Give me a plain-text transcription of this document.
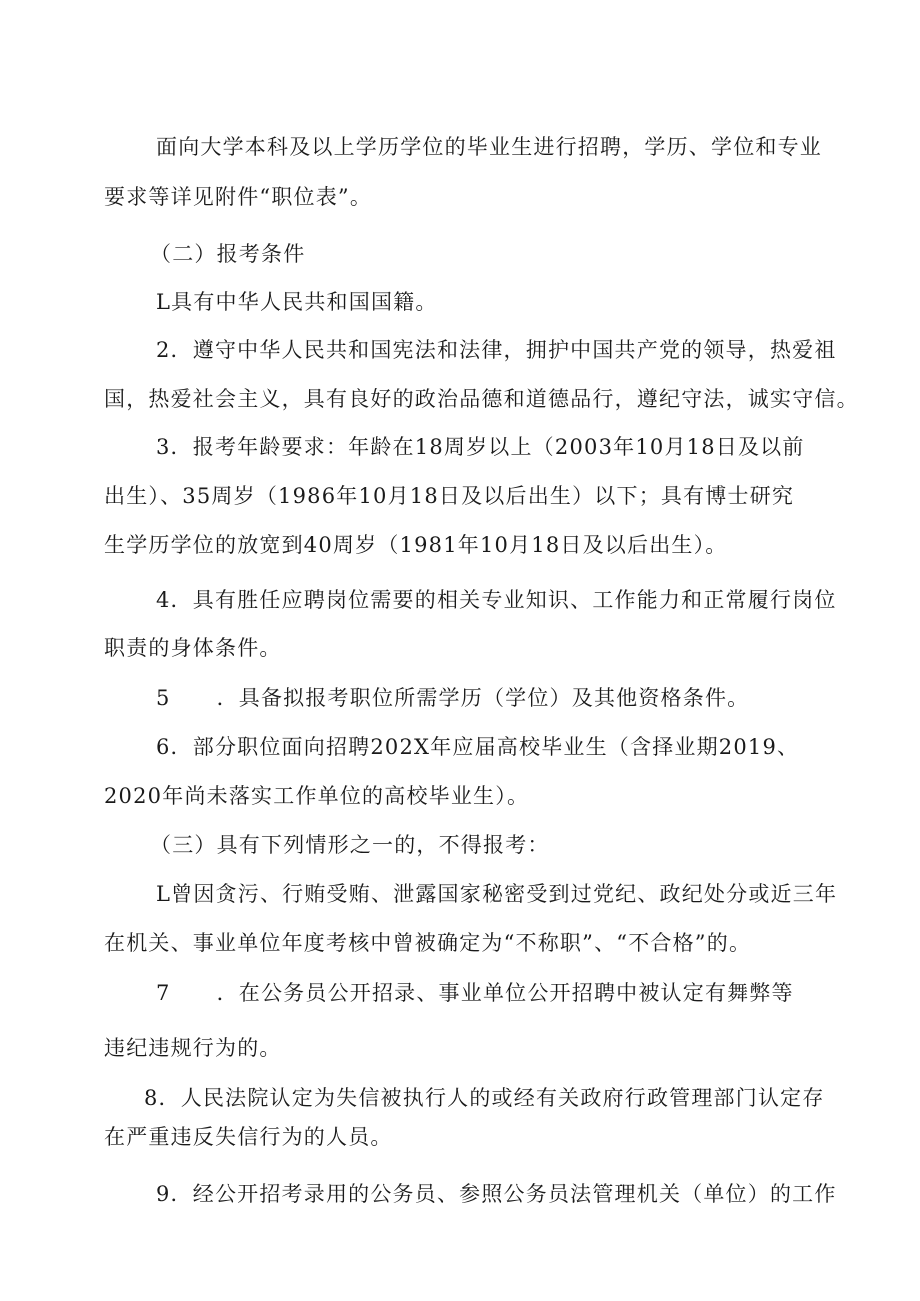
面向大学本科及以上学历学位的毕业生进行招聘，学历、学位和专业
要求等详见附件“职位表”。
（二）报考条件
L具有中华人民共和国国籍。
2．遵守中华人民共和国宪法和法律，拥护中国共产党的领导，热爱祖
国，热爱社会主义，具有良好的政治品德和道德品行，遵纪守法，诚实守信。
3．报考年龄要求：年龄在18周岁以上（2003年10月18日及以前
出生）、35周岁（1986年10月18日及以后出生）以下；具有博士研究
生学历学位的放宽到40周岁（1981年10月18日及以后出生）。
4．具有胜任应聘岗位需要的相关专业知识、工作能力和正常履行岗位
职责的身体条件。
5 ．具备拟报考职位所需学历（学位）及其他资格条件。
6．部分职位面向招聘202X年应届高校毕业生（含择业期2019、
2020年尚未落实工作单位的高校毕业生）。
（三）具有下列情形之一的，不得报考：
L曾因贪污、行贿受贿、泄露国家秘密受到过党纪、政纪处分或近三年
在机关、事业单位年度考核中曾被确定为“不称职”、“不合格”的。
7 ．在公务员公开招录、事业单位公开招聘中被认定有舞弊等
违纪违规行为的。
8．人民法院认定为失信被执行人的或经有关政府行政管理部门认定存
在严重违反失信行为的人员。
9．经公开招考录用的公务员、参照公务员法管理机关（单位）的工作
